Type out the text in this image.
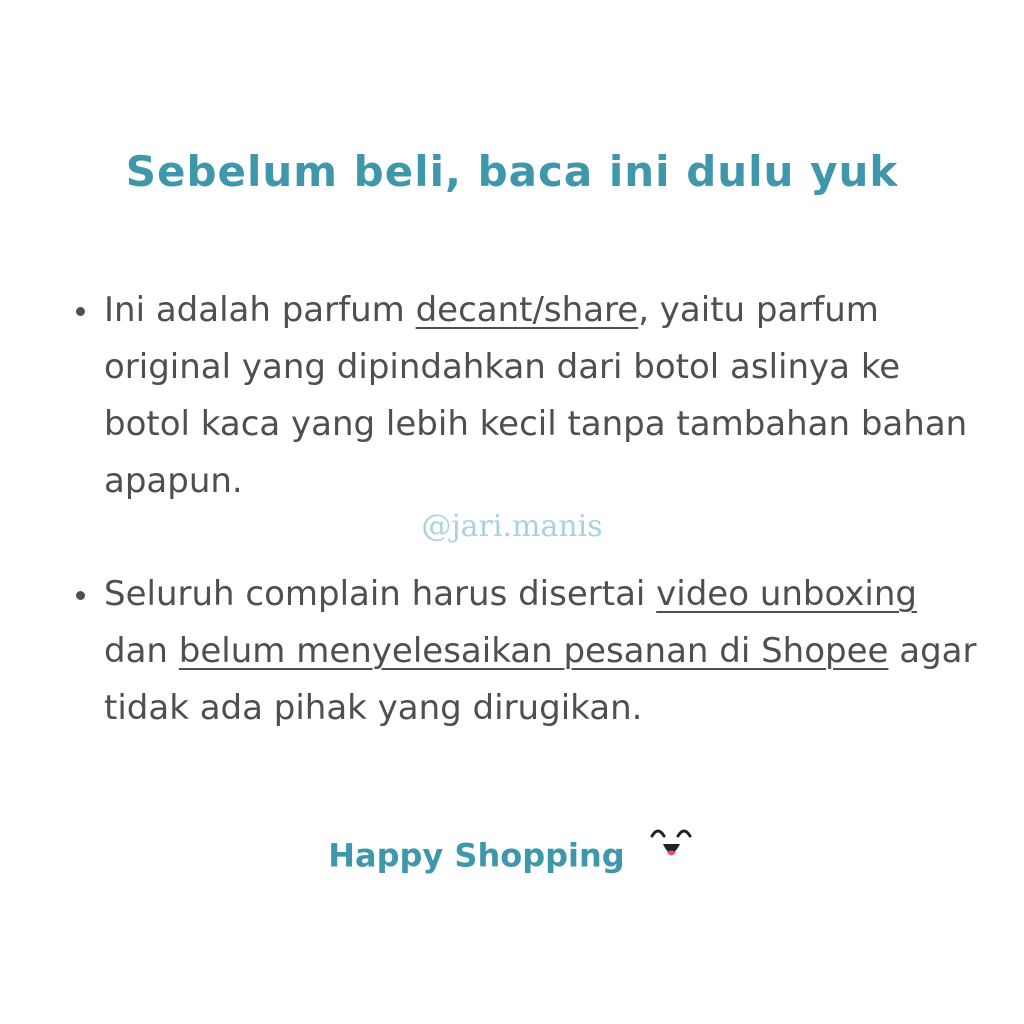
Sebelum beli, baca ini dulu yuk
Ini adalah parfum decant/share, yaitu parfum original yang dipindahkan dari botol aslinya ke botol kaca yang lebih kecil tanpa tambahan bahan apapun.
@jari.manis
Seluruh complain harus disertai video unboxing dan belum menyelesaikan pesanan di Shopee agar tidak ada pihak yang dirugikan.
Happy Shopping
